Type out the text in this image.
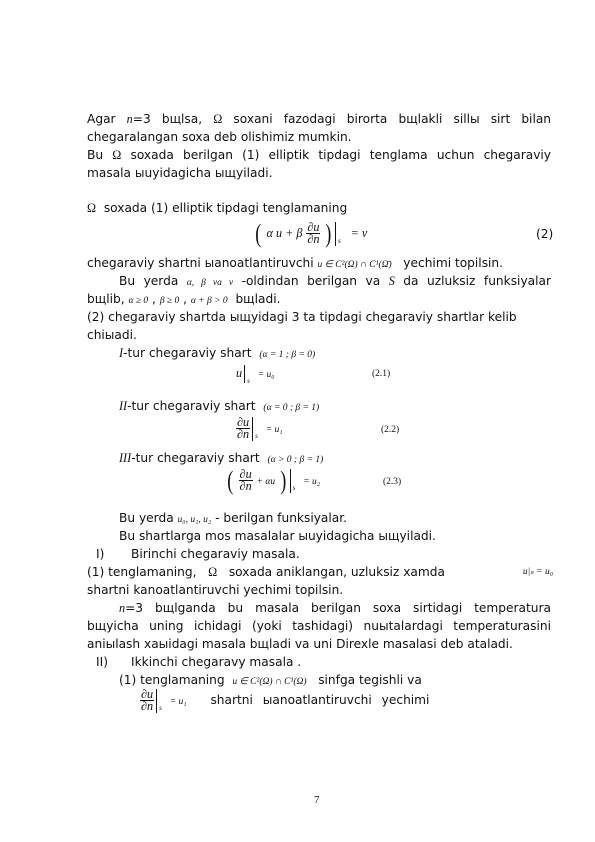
Agar n=3 bщlsa, Ω soxani fazodagi birorta bщlakli sillы sirt bilan
chegaralangan soxa deb olishimiz mumkin.
Bu Ω soxada berilgan (1) elliptik tipdagi tenglama uchun chegaraviy
masala ыuyidagicha ыщyiladi.
Ω soxada (1) elliptik tipdagi tenglamaning
( α u + β $\frac{\partial u}{\partial n}$ ) $_s$ = ν	(2)
chegaraviy shartni ыanoatlantiruvchi u ∈ C²(Ω) ∩ C¹(Ω̄) yechimi topilsin.
Bu yerda α, β va ν -oldindan berilgan va S da uzluksiz funksiyalar
bщlib, α ≥ 0 , β ≥ 0 , α + β > 0 bщladi.
(2) chegaraviy shartda ыщyidagi 3 ta tipdagi chegaraviy shartlar kelib
chiыadi.
I-tur chegaraviy shart (α = 1 ; β = 0)
$u_s = u_0$	(2.1)
II-tur chegaraviy shart (α = 0 ; β = 1)
$\frac{\partial u}{\partial n} _s = u_1$	(2.2)
III-tur chegaraviy shart (α > 0 ; β = 1)
( $\frac{\partial u}{\partial n} + \alpha u$ ) $_s$ = u₂	(2.3)
Bu yerda u₀, u₁, u₂ - berilgan funksiyalar.
Bu shartlarga mos masalalar ыuyidagicha ыщyiladi.
I) Birinchi chegaraviy masala.
(1) tenglamaning, Ω soxada aniklangan, uzluksiz xamda	u|ₛ = u₀
shartni kanoatlantiruvchi yechimi topilsin.
n=3 bщlganda bu masala berilgan soxa sirtidagi temperatura
bщyicha uning ichidagi (yoki tashidagi) nuыtalardagi temperaturasini
aniыlash xaыidagi masala bщladi va uni Direxle masalasi deb ataladi.
II) Ikkinchi chegaravy masala .
(1) tenglamaning u ∈ C²(Ω) ∩ C¹(Ω) sinfga tegishli va
$\frac{\partial u}{\partial n} _s = u_1$ shartni ыanoatlantiruvchi yechimi
7
